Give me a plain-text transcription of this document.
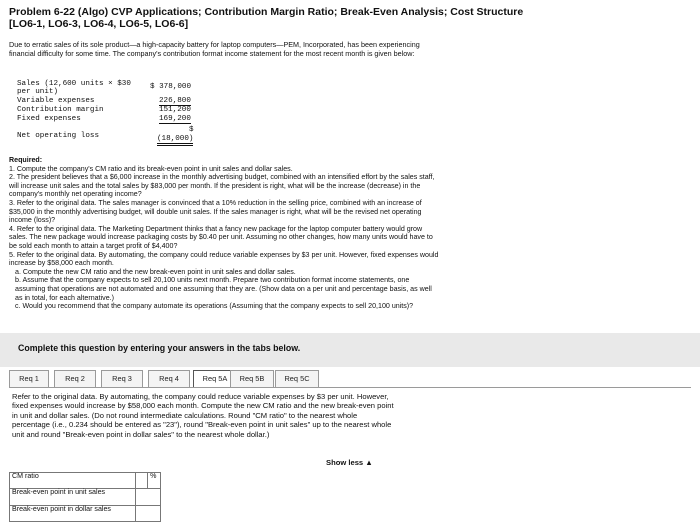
Problem 6-22 (Algo) CVP Applications; Contribution Margin Ratio; Break-Even Analysis; Cost Structure
[LO6-1, LO6-3, LO6-4, LO6-5, LO6-6]
Due to erratic sales of its sole product—a high-capacity battery for laptop computers—PEM, Incorporated, has been experiencing financial difficulty for some time. The company's contribution format income statement for the most recent month is given below:
Sales (12,600 units × $30
per unit)
$ 378,000
Variable expenses	226,800
Contribution margin	151,200
Fixed expenses	169,200
$
Net operating loss	(18,000)

Required:

1. Compute the company's CM ratio and its break-even point in unit sales and dollar sales.

2. The president believes that a $6,000 increase in the monthly advertising budget, combined with an intensified effort by the sales staff, will increase unit sales and the total sales by $83,000 per month. If the president is right, what will be the increase (decrease) in the company's monthly net operating income?

3. Refer to the original data. The sales manager is convinced that a 10% reduction in the selling price, combined with an increase of $35,000 in the monthly advertising budget, will double unit sales. If the sales manager is right, what will be the revised net operating income (loss)?

4. Refer to the original data. The Marketing Department thinks that a fancy new package for the laptop computer battery would grow sales. The new package would increase packaging costs by $0.40 per unit. Assuming no other changes, how many units would have to be sold each month to attain a target profit of $4,400?

5. Refer to the original data. By automating, the company could reduce variable expenses by $3 per unit. However, fixed expenses would increase by $58,000 each month.

a. Compute the new CM ratio and the new break-even point in unit sales and dollar sales.

b. Assume that the company expects to sell 20,100 units next month. Prepare two contribution format income statements, one assuming that operations are not automated and one assuming that they are. (Show data on a per unit and percentage basis, as well as in total, for each alternative.)

c. Would you recommend that the company automate its operations (Assuming that the company expects to sell 20,100 units)?

Complete this question by entering your answers in the tabs below.
Req 1	Req 2	Req 3	Req 4	Req 5A	Req 5B	Req 5C
Refer to the original data. By automating, the company could reduce variable expenses by $3 per unit. However, fixed expenses would increase by $58,000 each month. Compute the new CM ratio and the new break-even point in unit and dollar sales. (Do not round intermediate calculations. Round "CM ratio" to the nearest whole percentage (i.e., 0.234 should be entered as "23"), round "Break-even point in unit sales" up to the nearest whole unit and round "Break-even point in dollar sales" to the nearest whole dollar.)
Show less ▲
CM ratio		%
Break-even point in unit sales		
Break-even point in dollar sales		
